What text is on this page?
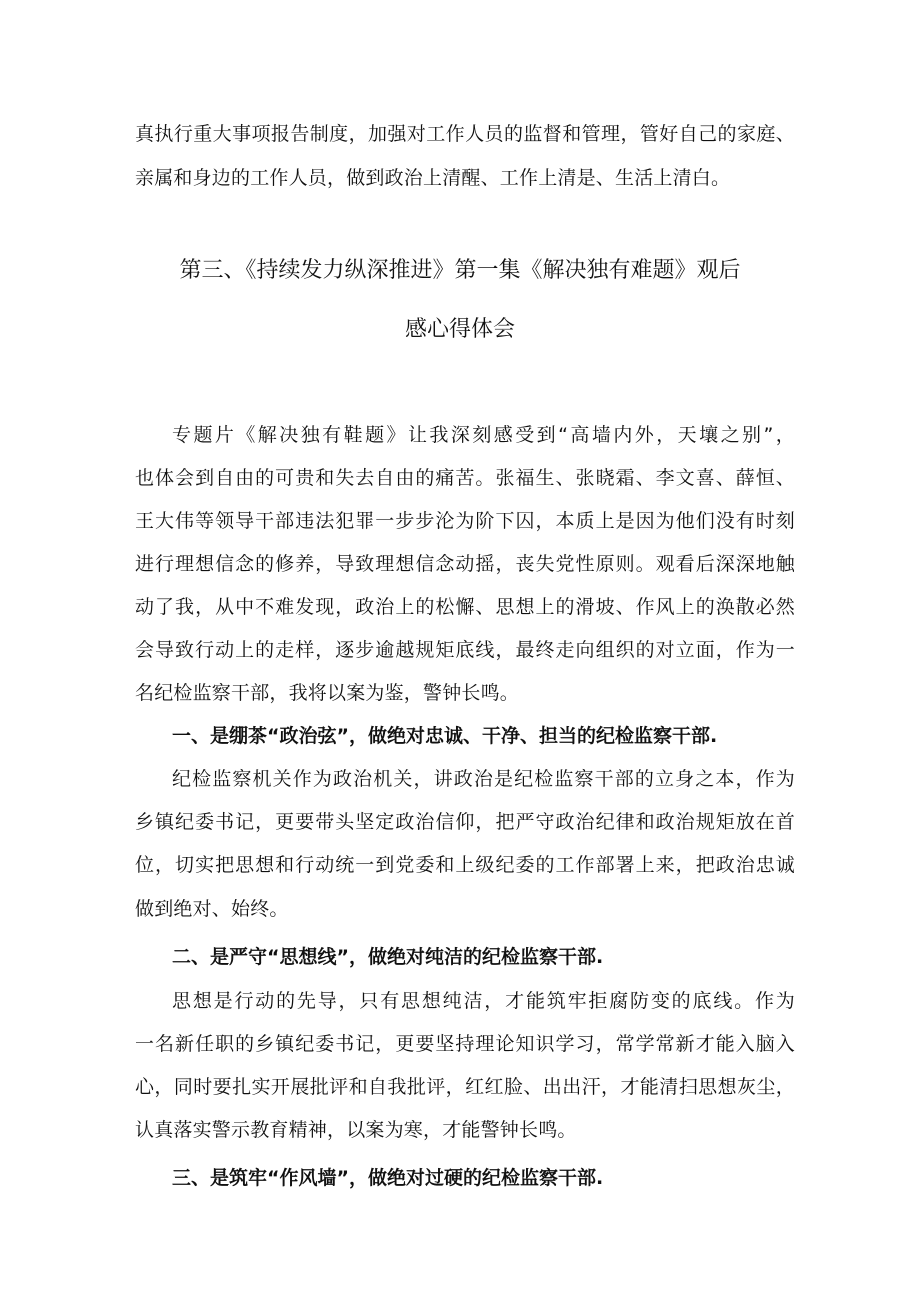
真执行重大事项报告制度，加强对工作人员的监督和管理，管好自己的家庭、
亲属和身边的工作人员，做到政治上清醒、工作上清是、生活上清白。
第三、《持续发力纵深推进》第一集《解决独有难题》观后
感心得体会
专题片《解决独有鞋题》让我深刻感受到“高墙内外，天壤之别”，
也体会到自由的可贵和失去自由的痛苦。张福生、张晓霜、李文喜、薛恒、
王大伟等领导干部违法犯罪一步步沦为阶下囚，本质上是因为他们没有时刻
进行理想信念的修养，导致理想信念动摇，丧失党性原则。观看后深深地触
动了我，从中不难发现，政治上的松懈、思想上的滑坡、作风上的涣散必然
会导致行动上的走样，逐步逾越规矩底线，最终走向组织的对立面，作为一
名纪检监察干部，我将以案为鉴，警钟长鸣。
一、是绷茶“政治弦”，做绝对忠诚、干净、担当的纪检监察干部.
纪检监察机关作为政治机关，讲政治是纪检监察干部的立身之本，作为
乡镇纪委书记，更要带头坚定政治信仰，把严守政治纪律和政治规矩放在首
位，切实把思想和行动统一到党委和上级纪委的工作部署上来，把政治忠诚
做到绝对、始终。
二、是严守“思想线”，做绝对纯洁的纪检监察干部.
思想是行动的先导，只有思想纯洁，才能筑牢拒腐防变的底线。作为
一名新任职的乡镇纪委书记，更要坚持理论知识学习，常学常新才能入脑入
心，同时要扎实开展批评和自我批评，红红脸、出出汗，才能清扫思想灰尘，
认真落实警示教育精神，以案为寒，才能警钟长鸣。
三、是筑牢“作风墙”，做绝对过硬的纪检监察干部.
